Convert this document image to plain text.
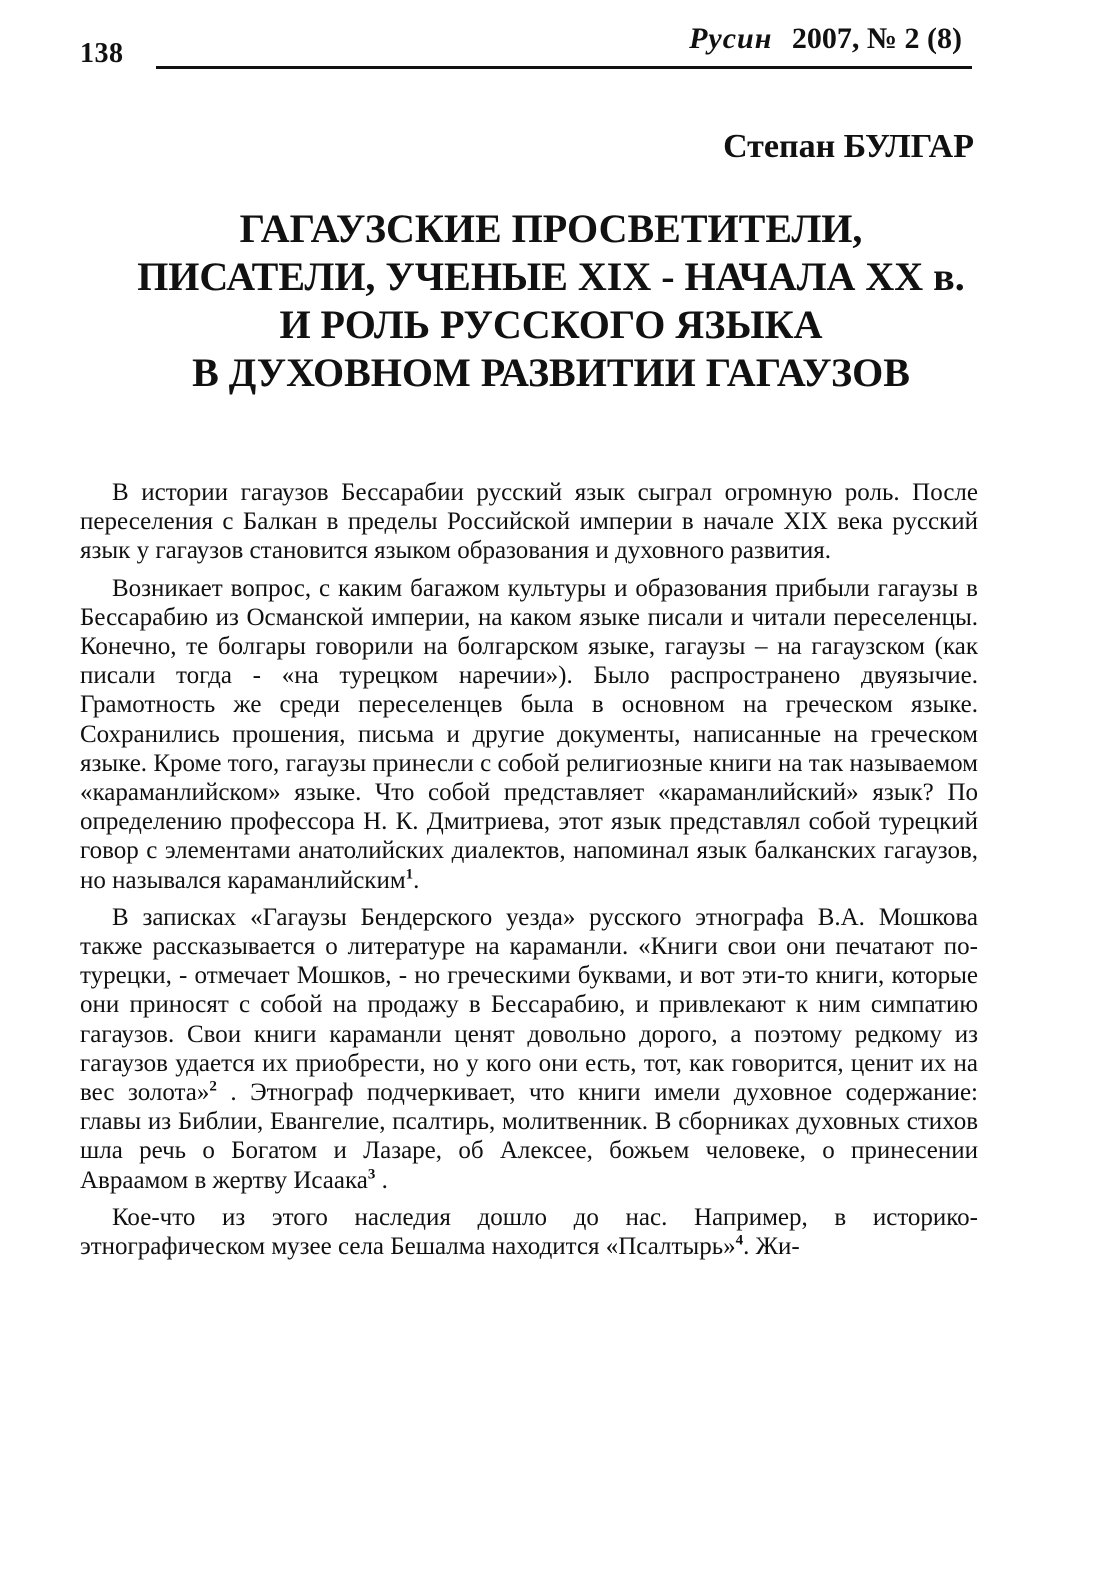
138	Русин 2007, № 2 (8)
Степан БУЛГАР
ГАГАУЗСКИЕ ПРОСВЕТИТЕЛИ,
ПИСАТЕЛИ, УЧЕНЫЕ XIX - НАЧАЛА XX в.
И РОЛЬ РУССКОГО ЯЗЫКА
В ДУХОВНОМ РАЗВИТИИ ГАГАУЗОВ

В истории гагаузов Бессарабии русский язык сыграл огромную роль. После переселения с Балкан в пределы Российской империи в начале XIX века русский язык у гагаузов становится языком образования и духовного развития.

Возникает вопрос, с каким багажом культуры и образования прибыли гагаузы в Бессарабию из Османской империи, на каком языке писали и читали переселенцы. Конечно, те болгары говорили на болгарском языке, гагаузы – на гагаузском (как писали тогда - «на турецком наречии»). Было распространено двуязычие. Грамотность же среди переселенцев была в основном на греческом языке. Сохранились прошения, письма и другие документы, написанные на греческом языке. Кроме того, гагаузы принесли с собой религиозные книги на так называемом «караманлийском» языке. Что собой представляет «караманлийский» язык? По определению профессора Н. К. Дмитриева, этот язык представлял собой турецкий говор с элементами анатолийских диалектов, напоминал язык балканских гагаузов, но назывался караманлийским$^1$.

В записках «Гагаузы Бендерского уезда» русского этнографа В.А. Мошкова также рассказывается о литературе на караманли. «Книги свои они печатают по-турецки, - отмечает Мошков, - но греческими буквами, и вот эти-то книги, которые они приносят с собой на продажу в Бессарабию, и привлекают к ним симпатию гагаузов. Свои книги караманли ценят довольно дорого, а поэтому редкому из гагаузов удается их приобрести, но у кого они есть, тот, как говорится, ценит их на вес золота»$^2$ . Этнограф подчеркивает, что книги имели духовное содержание: главы из Библии, Евангелие, псалтирь, молитвенник. В сборниках духовных стихов шла речь о Богатом и Лазаре, об Алексее, божьем человеке, о принесении Авраамом в жертву Исаака$^3$ .

Кое-что из этого наследия дошло до нас. Например, в историко-этнографическом музее села Бешалма находится «Псалтырь»$^4$. Жи-
